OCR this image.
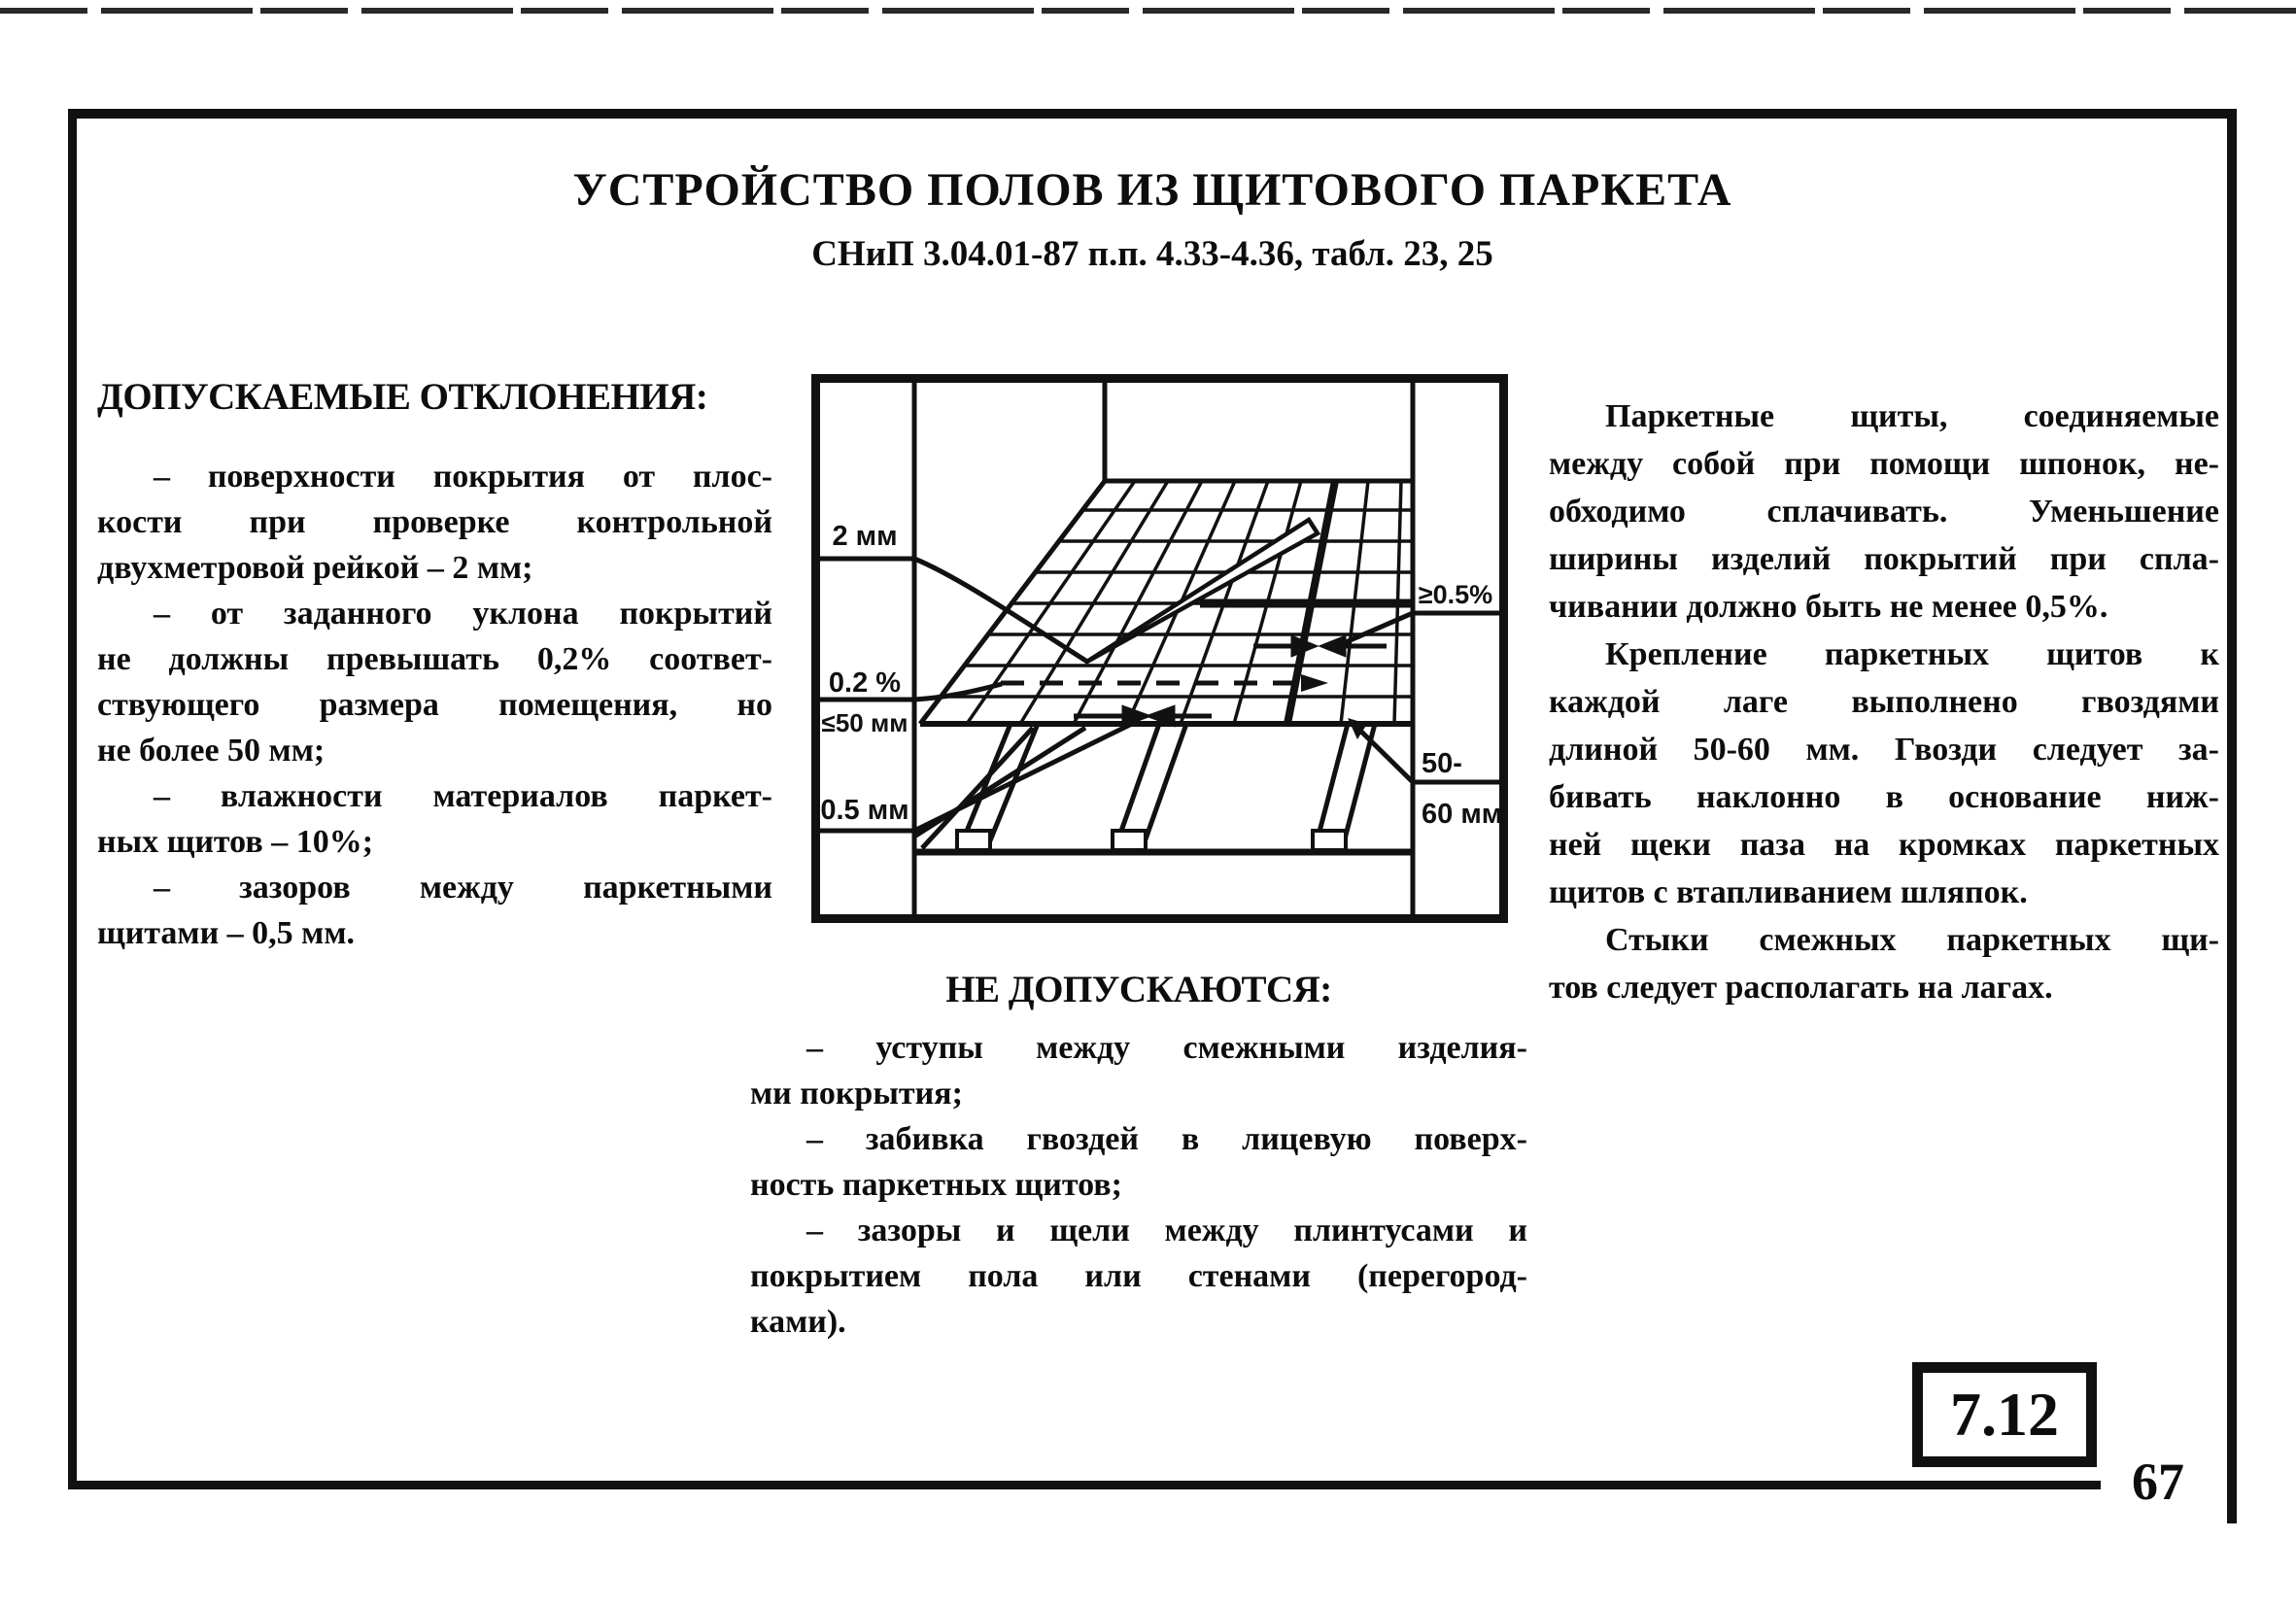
УСТРОЙСТВО ПОЛОВ ИЗ ЩИТОВОГО ПАРКЕТА
СНиП 3.04.01-87 п.п. 4.33-4.36, табл. 23, 25
ДОПУСКАЕМЫЕ ОТКЛОНЕНИЯ:
– поверхности покрытия от плос-
кости при проверке контрольной
двухметровой рейкой – 2 мм;
– от заданного уклона покрытий
не должны превышать 0,2% соответ-
ствующего размера помещения, но
не более 50 мм;
– влажности материалов паркет-
ных щитов – 10%;
– зазоров между паркетными
щитами – 0,5 мм.
2 мм
0.2 %
≤50 мм
0.5 мм
≥0.5%
50-
60 мм
НЕ ДОПУСКАЮТСЯ:
– уступы между смежными изделия-
ми покрытия;
– забивка гвоздей в лицевую поверх-
ность паркетных щитов;
– зазоры и щели между плинтусами и
покрытием пола или стенами (перегород-
ками).
Паркетные щиты, соединяемые
между собой при помощи шпонок, не-
обходимо сплачивать. Уменьшение
ширины изделий покрытий при спла-
чивании должно быть не менее 0,5%.
Крепление паркетных щитов к
каждой лаге выполнено гвоздями
длиной 50-60 мм. Гвозди следует за-
бивать наклонно в основание ниж-
ней щеки паза на кромках паркетных
щитов с втапливанием шляпок.
Стыки смежных паркетных щи-
тов следует располагать на лагах.
7.12
67
